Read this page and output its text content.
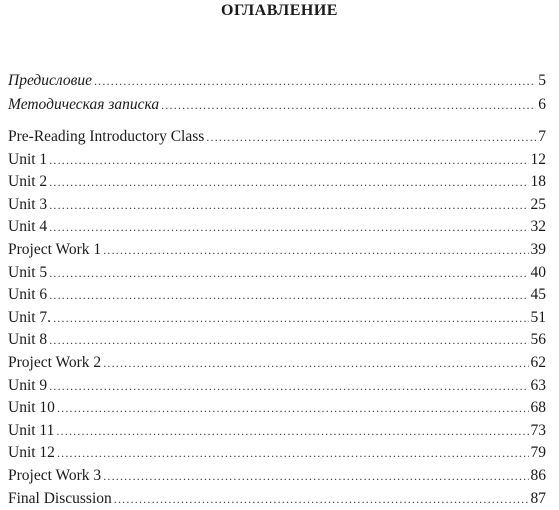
ОГЛАВЛЕНИЕ
Предисловие .....	5
Методическая записка .....	6
Pre-Reading Introductory Class .....	7
Unit 1 .....	12
Unit 2 .....	18
Unit 3 .....	25
Unit 4 .....	32
Project Work 1 .....	39
Unit 5 .....	40
Unit 6 .....	45
Unit 7. .....	51
Unit 8 .....	56
Project Work 2 .....	62
Unit 9 .....	63
Unit 10 .....	68
Unit 11 .....	73
Unit 12 .....	79
Project Work 3 .....	86
Final Discussion .....	87
